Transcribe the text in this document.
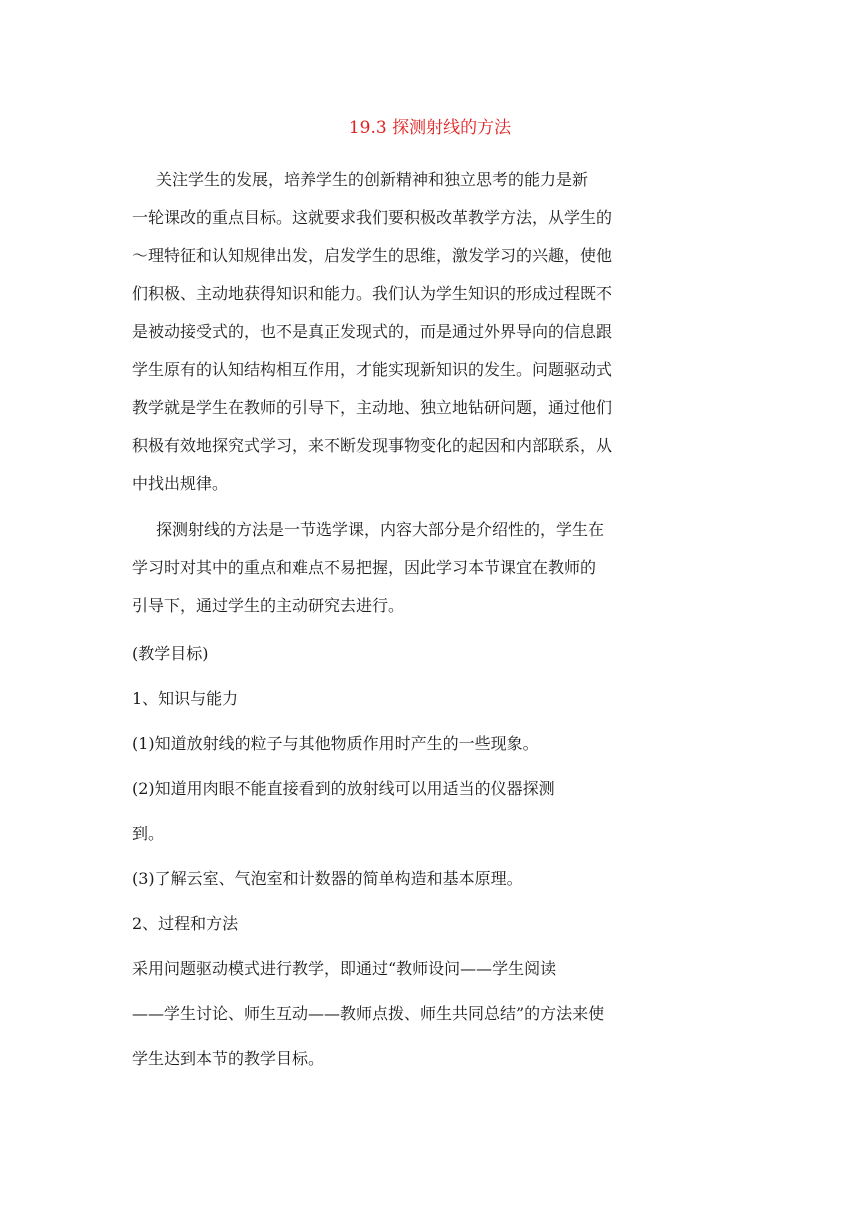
19.3 探测射线的方法
关注学生的发展，培养学生的创新精神和独立思考的能力是新
一轮课改的重点目标。这就要求我们要积极改革教学方法，从学生的
～理特征和认知规律出发，启发学生的思维，激发学习的兴趣，使他
们积极、主动地获得知识和能力。我们认为学生知识的形成过程既不
是被动接受式的，也不是真正发现式的，而是通过外界导向的信息跟
学生原有的认知结构相互作用，才能实现新知识的发生。问题驱动式
教学就是学生在教师的引导下，主动地、独立地钻研问题，通过他们
积极有效地探究式学习，来不断发现事物变化的起因和内部联系，从
中找出规律。
探测射线的方法是一节选学课，内容大部分是介绍性的，学生在
学习时对其中的重点和难点不易把握，因此学习本节课宜在教师的
引导下，通过学生的主动研究去进行。
(教学目标)
1、知识与能力
(1)知道放射线的粒子与其他物质作用时产生的一些现象。
(2)知道用肉眼不能直接看到的放射线可以用适当的仪器探测
到。
(3)了解云室、气泡室和计数器的简单构造和基本原理。
2、过程和方法
采用问题驱动模式进行教学，即通过“教师设问——学生阅读
——学生讨论、师生互动——教师点拨、师生共同总结”的方法来使
学生达到本节的教学目标。
